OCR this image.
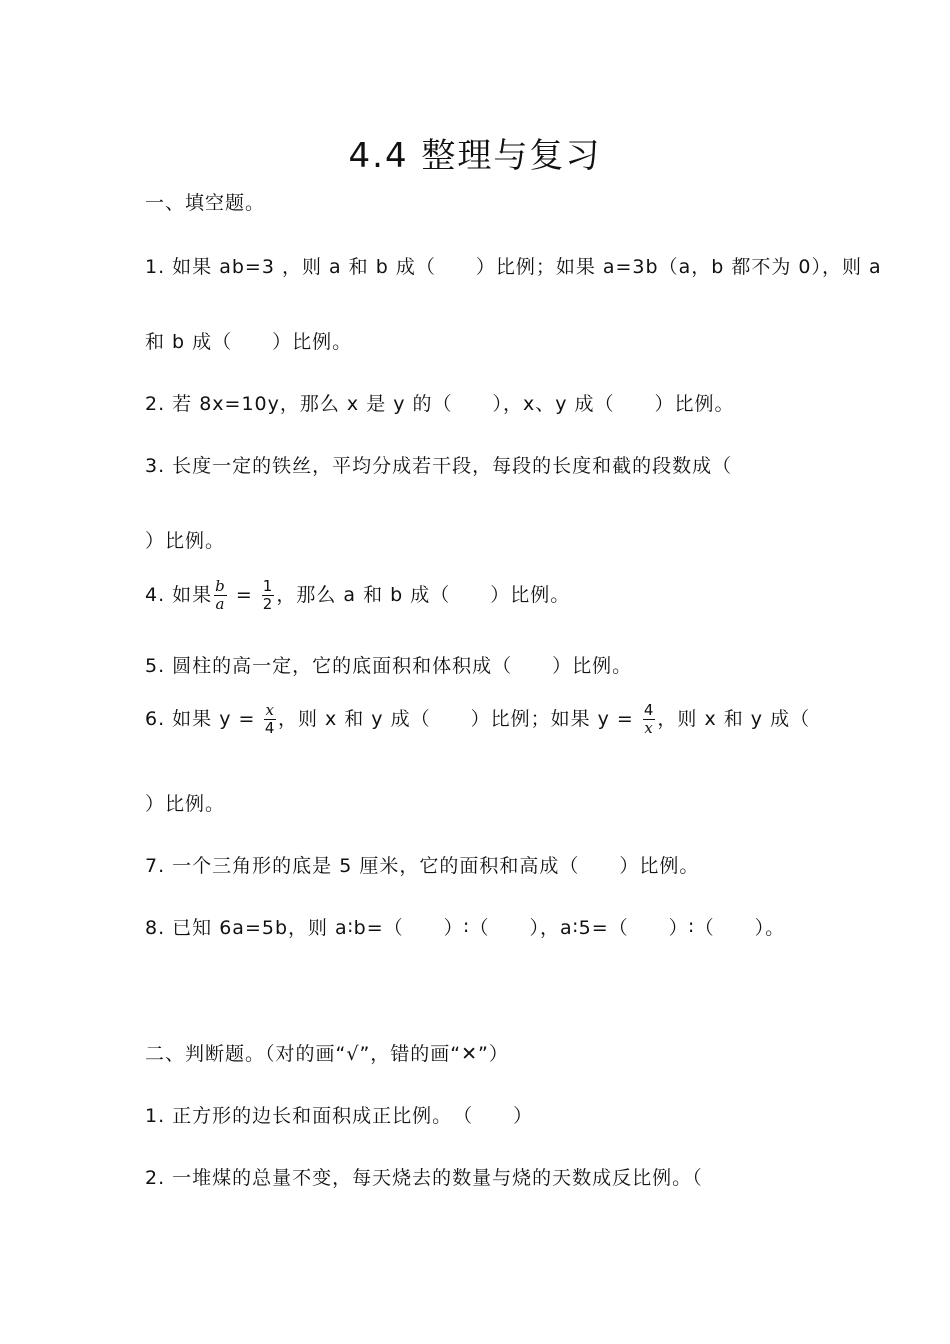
4.4 整理与复习
一、填空题。
1. 如果 ab=3 ，则 a 和 b 成（　　）比例；如果 a=3b（a，b 都不为 0），则 a
和 b 成（　　）比例。
2. 若 8x=10y，那么 x 是 y 的（　　），x、y 成（　　）比例。
3. 长度一定的铁丝，平均分成若干段，每段的长度和截的段数成（
）比例。
4. 如果 $\frac{b}{a} = \frac{1}{2}$ ，那么 a 和 b 成（　　）比例。
5. 圆柱的高一定，它的底面积和体积成（　　）比例。
6. 如果 $y = \frac{x}{4}$ ，则 x 和 y 成（　　）比例；如果 $y = \frac{4}{x}$ ，则 x 和 y 成（
）比例。
7. 一个三角形的底是 5 厘米，它的面积和高成（　　）比例。
8. 已知 6a=5b，则 a∶b=（　　）∶（　　），a∶5=（　　）∶（　　）。
二、判断题。（对的画“√”，错的画“✕”）
1. 正方形的边长和面积成正比例。　（　　）
2. 一堆煤的总量不变，每天烧去的数量与烧的天数成反比例。（
